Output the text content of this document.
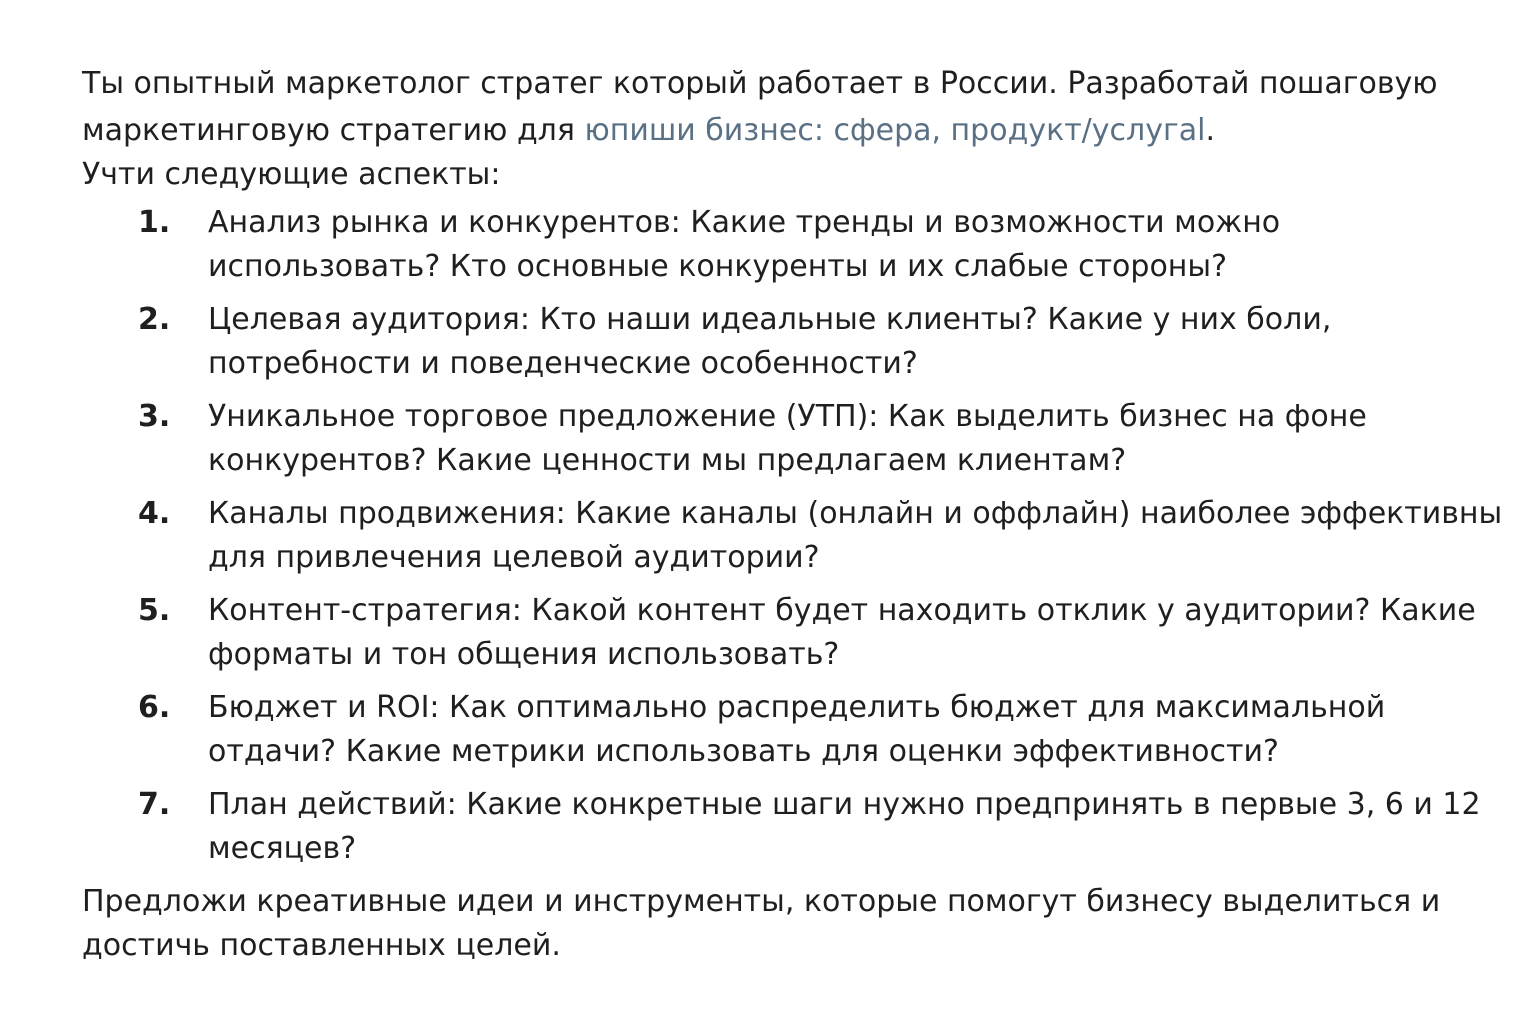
Ты опытный маркетолог стратег который работает в России. Разработай пошаговую

маркетинговую стратегию для юпиши бизнес: сфера, продукт/услугаl.

Учти следующие аспекты:

1. Анализ рынка и конкурентов: Какие тренды и возможности можно
использовать? Кто основные конкуренты и их слабые стороны?
2. Целевая аудитория: Кто наши идеальные клиенты? Какие у них боли,
потребности и поведенческие особенности?
3. Уникальное торговое предложение (УТП): Как выделить бизнес на фоне
конкурентов? Какие ценности мы предлагаем клиентам?
4. Каналы продвижения: Какие каналы (онлайн и оффлайн) наиболее эффективны
для привлечения целевой аудитории?
5. Контент-стратегия: Какой контент будет находить отклик у аудитории? Какие
форматы и тон общения использовать?
6. Бюджет и ROI: Как оптимально распределить бюджет для максимальной
отдачи? Какие метрики использовать для оценки эффективности?
7. План действий: Какие конкретные шаги нужно предпринять в первые 3, 6 и 12
месяцев?

Предложи креативные идеи и инструменты, которые помогут бизнесу выделиться и
достичь поставленных целей.
